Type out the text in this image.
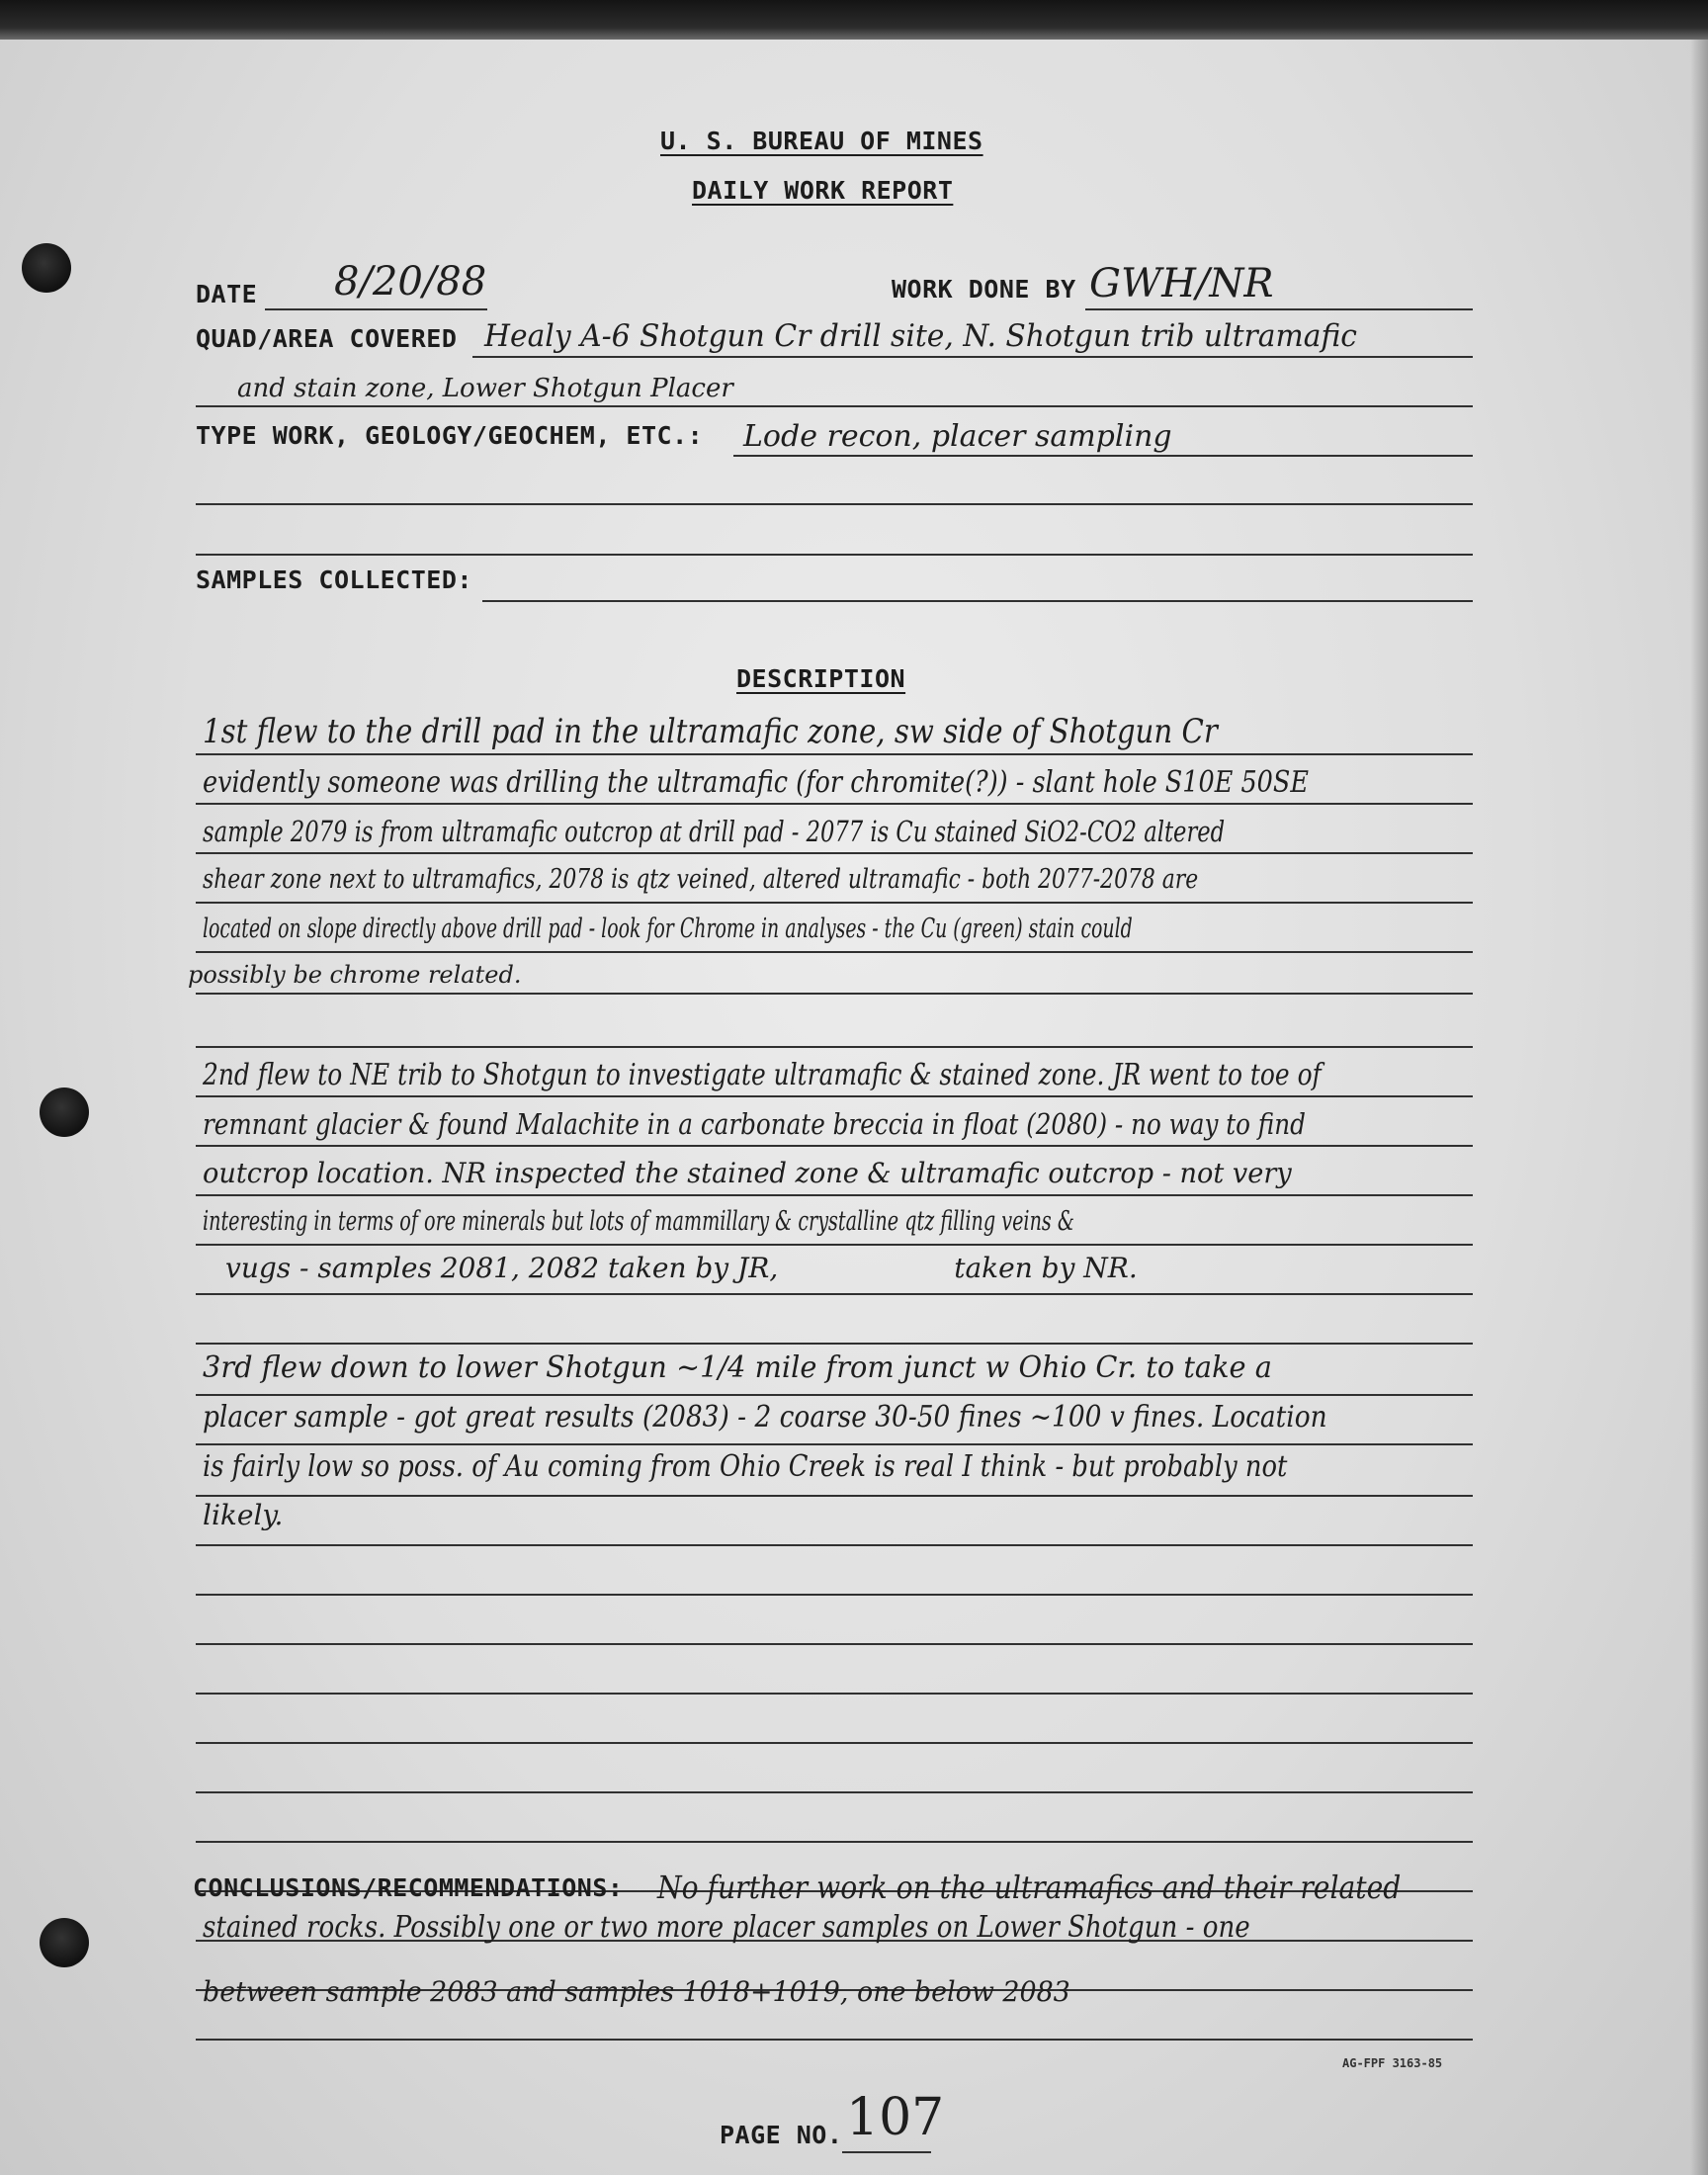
U. S. BUREAU OF MINES
DAILY WORK REPORT
DATE 8/20/88	WORK DONE BY GWH/NR
QUAD/AREA COVERED Healy A-6 Shotgun Cr drill site, N. Shotgun trib ultramafic
and stain zone, Lower Shotgun Placer
TYPE WORK, GEOLOGY/GEOCHEM, ETC.: Lode recon, placer sampling
SAMPLES COLLECTED:
DESCRIPTION
1st flew to the drill pad in the ultramafic zone, sw side of Shotgun Cr
evidently someone was drilling the ultramafic (for chromite(?)) - slant hole S10E 50SE
sample 2079 is from ultramafic outcrop at drill pad - 2077 is Cu stained SiO2-CO2 altered
shear zone next to ultramafics, 2078 is qtz veined, altered ultramafic - both 2077-2078 are
located on slope directly above drill pad - look for Chrome in analyses - the Cu (green) stain could
possibly be chrome related.
2nd flew to NE trib to Shotgun to investigate ultramafic & stained zone. JR went to toe of
remnant glacier & found Malachite in a carbonate breccia in float (2080) - no way to find
outcrop location. NR inspected the stained zone & ultramafic outcrop - not very
interesting in terms of ore minerals but lots of mammillary & crystalline qtz filling veins &
vugs - samples 2081, 2082 taken by JR,                    taken by NR.
3rd flew down to lower Shotgun ~1/4 mile from junct w Ohio Cr. to take a
placer sample - got great results (2083) - 2 coarse 30-50 fines ~100 v fines. Location
is fairly low so poss. of Au coming from Ohio Creek is real I think - but probably not
likely.
CONCLUSIONS/RECOMMENDATIONS: No further work on the ultramafics and their related
stained rocks. Possibly one or two more placer samples on Lower Shotgun - one
between sample 2083 and samples 1018+1019, one below 2083
AG-FPF 3163-85
PAGE NO. 107
